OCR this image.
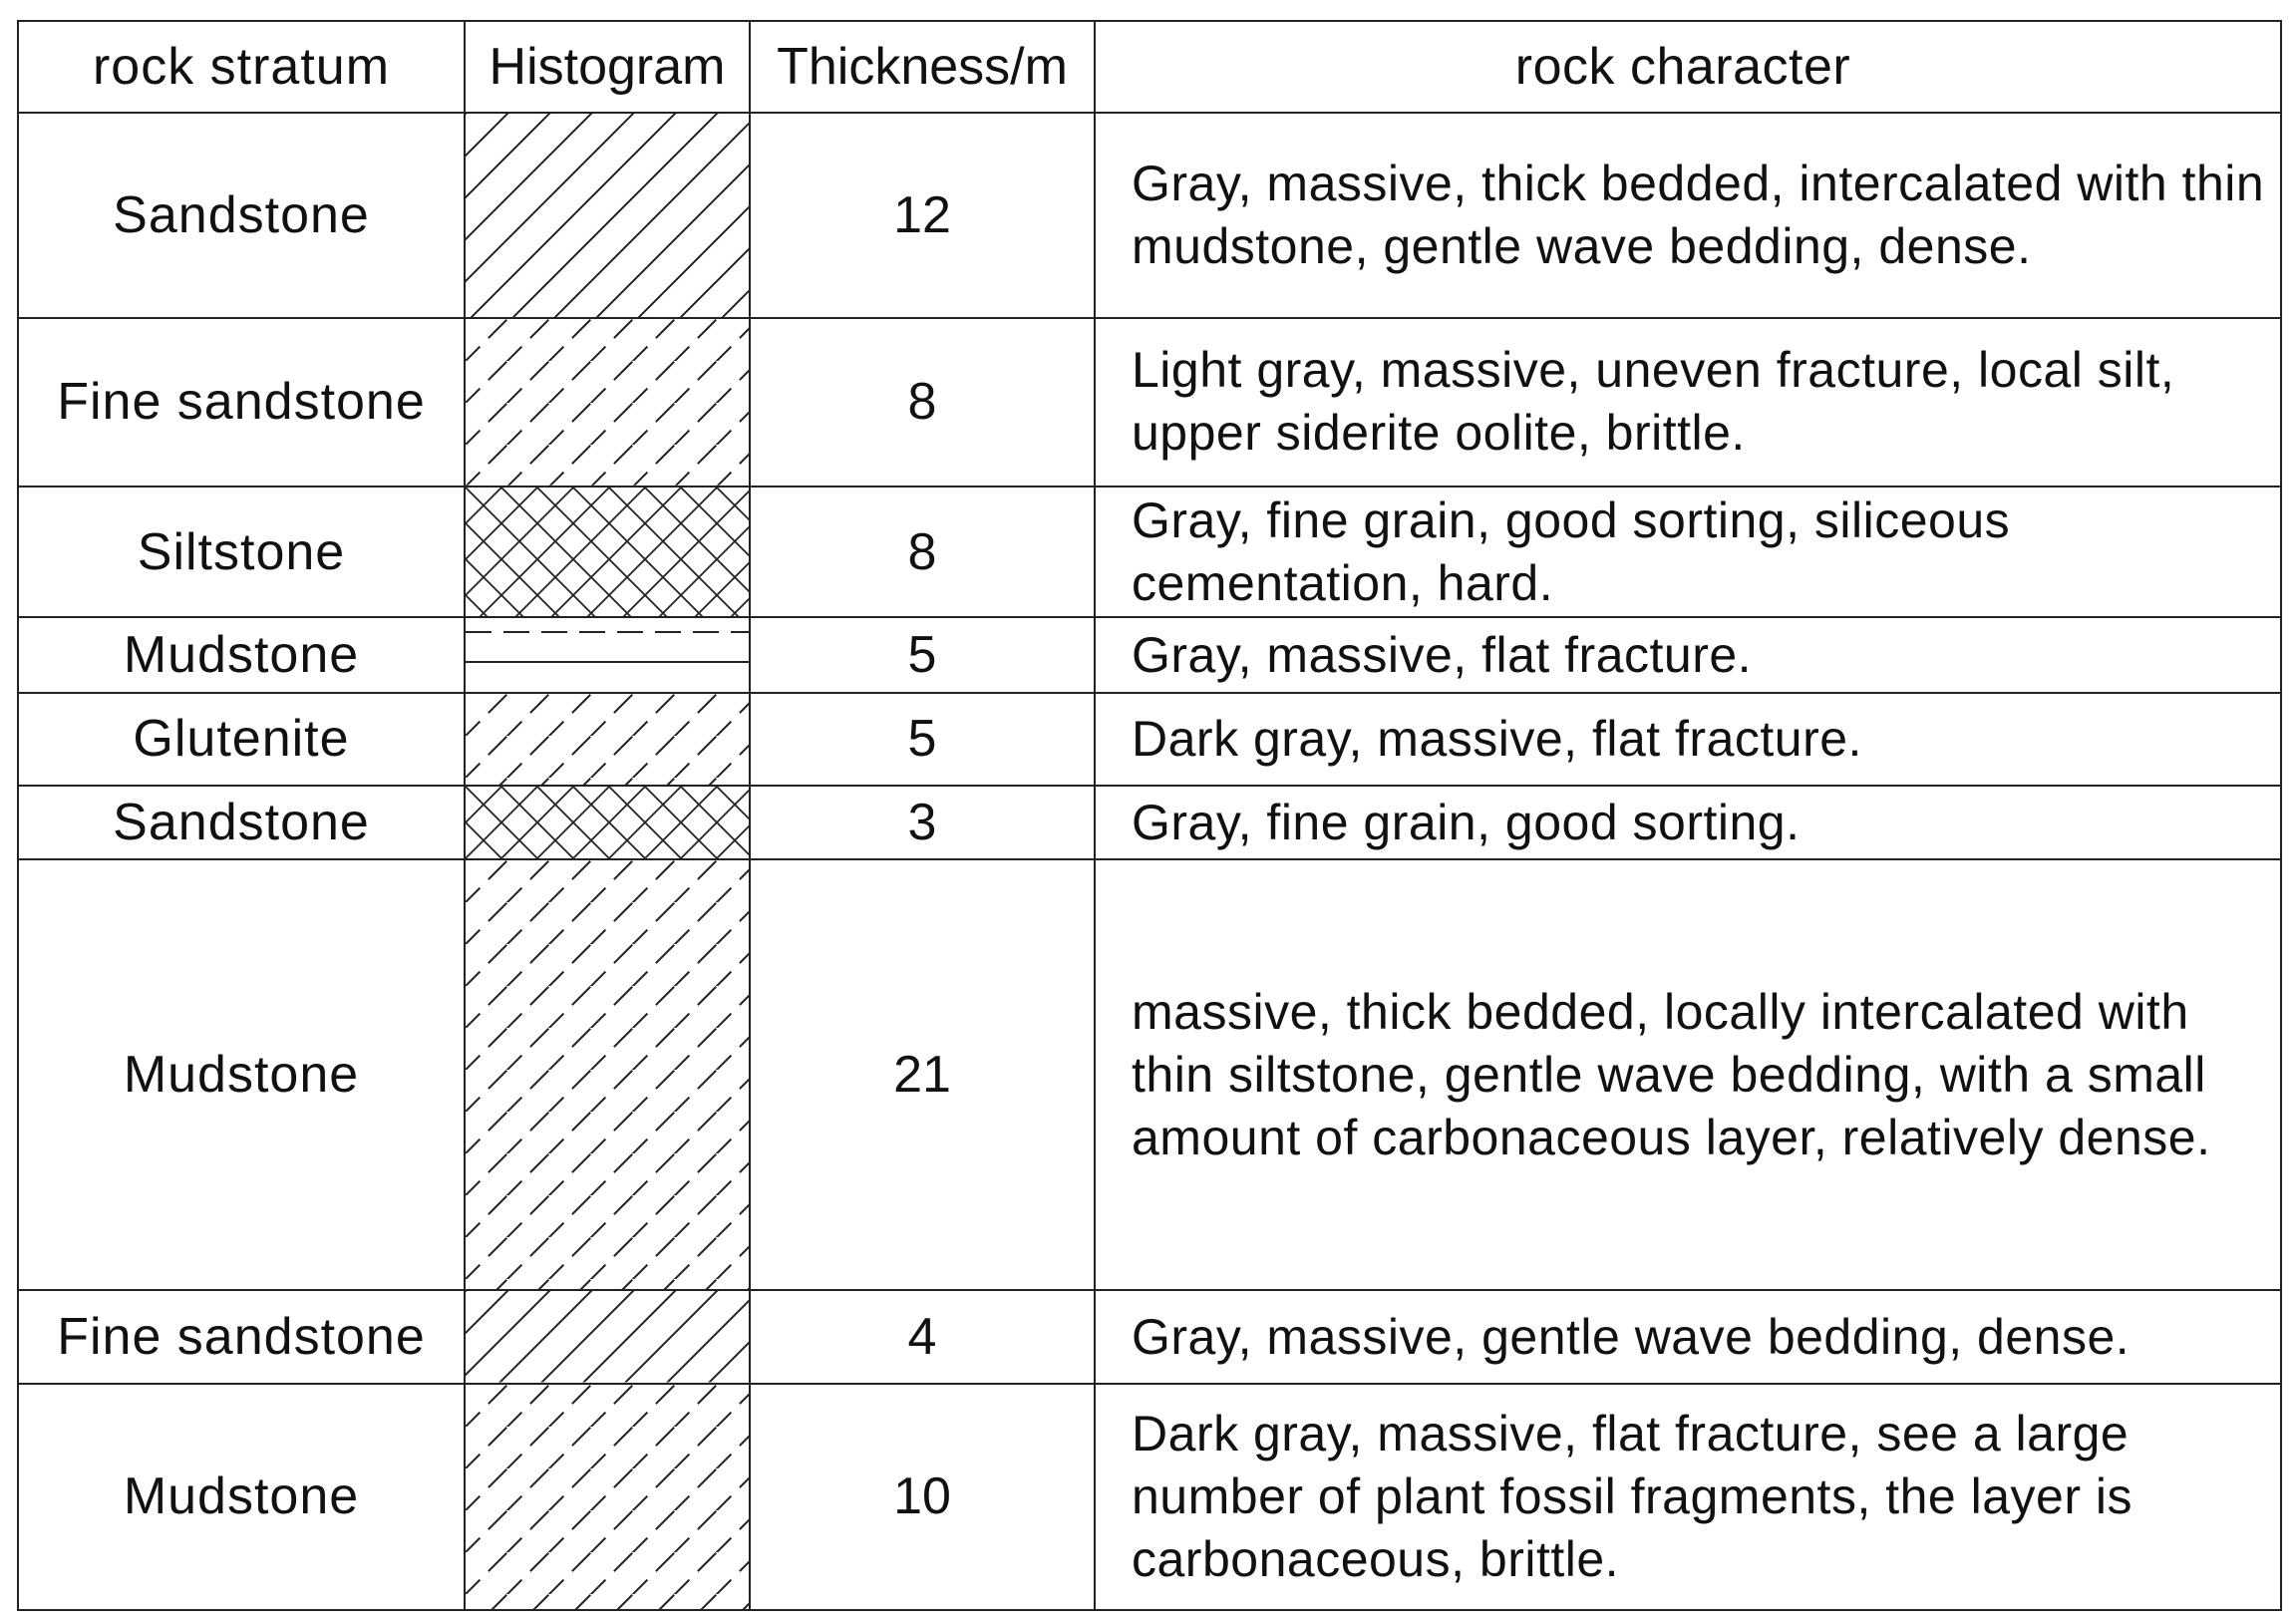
rock stratum	Histogram	Thickness/m	rock character
Sandstone		12	Gray, massive, thick bedded, intercalated with thin mudstone, gentle wave bedding, dense.
Fine sandstone		8	Light gray, massive, uneven fracture, local silt, upper siderite oolite, brittle.
Siltstone		8	Gray, fine grain, good sorting, siliceous cementation, hard.
Mudstone		5	Gray, massive, flat fracture.
Glutenite		5	Dark gray, massive, flat fracture.
Sandstone		3	Gray, fine grain, good sorting.
Mudstone		21	massive, thick bedded, locally intercalated with thin siltstone, gentle wave bedding, with a small amount of carbonaceous layer, relatively dense.
Fine sandstone		4	Gray, massive, gentle wave bedding, dense.
Mudstone		10	Dark gray, massive, flat fracture, see a large number of plant fossil fragments, the layer is carbonaceous, brittle.
